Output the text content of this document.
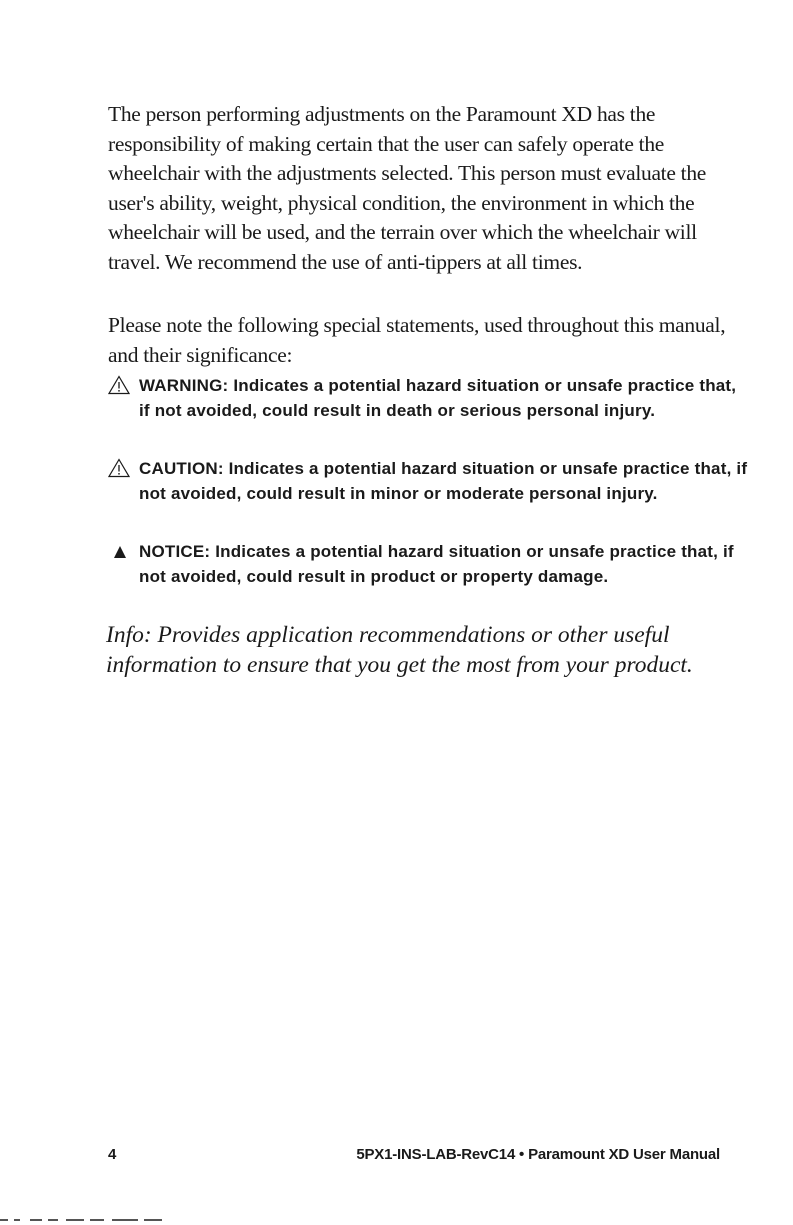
The person performing adjustments on the Paramount XD has the responsibility of making certain that the user can safely operate the wheelchair with the adjustments selected. This person must evaluate the user's ability, weight, physical condition, the environment in which the wheelchair will be used, and the terrain over which the wheelchair will travel. We recommend the use of anti-tippers at all times.

Please note the following special statements, used throughout this manual, and their significance:

WARNING: Indicates a potential hazard situation or unsafe practice that, if not avoided, could result in death or serious personal injury.
CAUTION: Indicates a potential hazard situation or unsafe practice that, if not avoided, could result in minor or moderate personal injury.
NOTICE: Indicates a potential hazard situation or unsafe practice that, if not avoided, could result in product or property damage.

Info: Provides application recommendations or other useful information to ensure that you get the most from your product.

4	5PX1-INS-LAB-RevC14 • Paramount XD User Manual
